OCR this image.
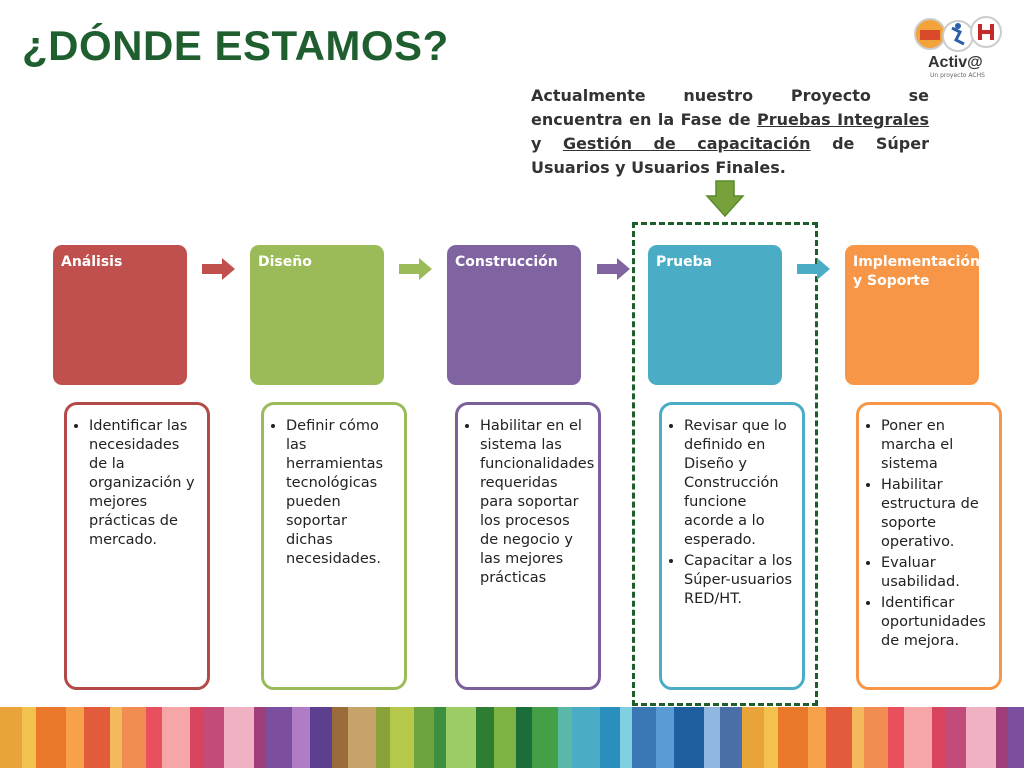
¿DÓNDE ESTAMOS?	Activ@
Un proyecto ACHS

Actualmente nuestro Proyecto se encuentra en la Fase de Pruebas Integrales y Gestión de capacitación de Súper Usuarios y Usuarios Finales.

Análisis
• Identificar las necesidades de la organización y mejores prácticas de mercado.
Diseño
• Definir cómo las herramientas tecnológicas pueden soportar dichas necesidades.
Construcción
• Habilitar en el sistema las funcionalidades requeridas para soportar los procesos de negocio y las mejores prácticas
Prueba
• Revisar que lo definido en Diseño y Construcción funcione acorde a lo esperado.
• Capacitar a los Súper-usuarios RED/HT.
Implementación y Soporte
• Poner en marcha el sistema
• Habilitar estructura de soporte operativo.
• Evaluar usabilidad.
• Identificar oportunidades de mejora.
